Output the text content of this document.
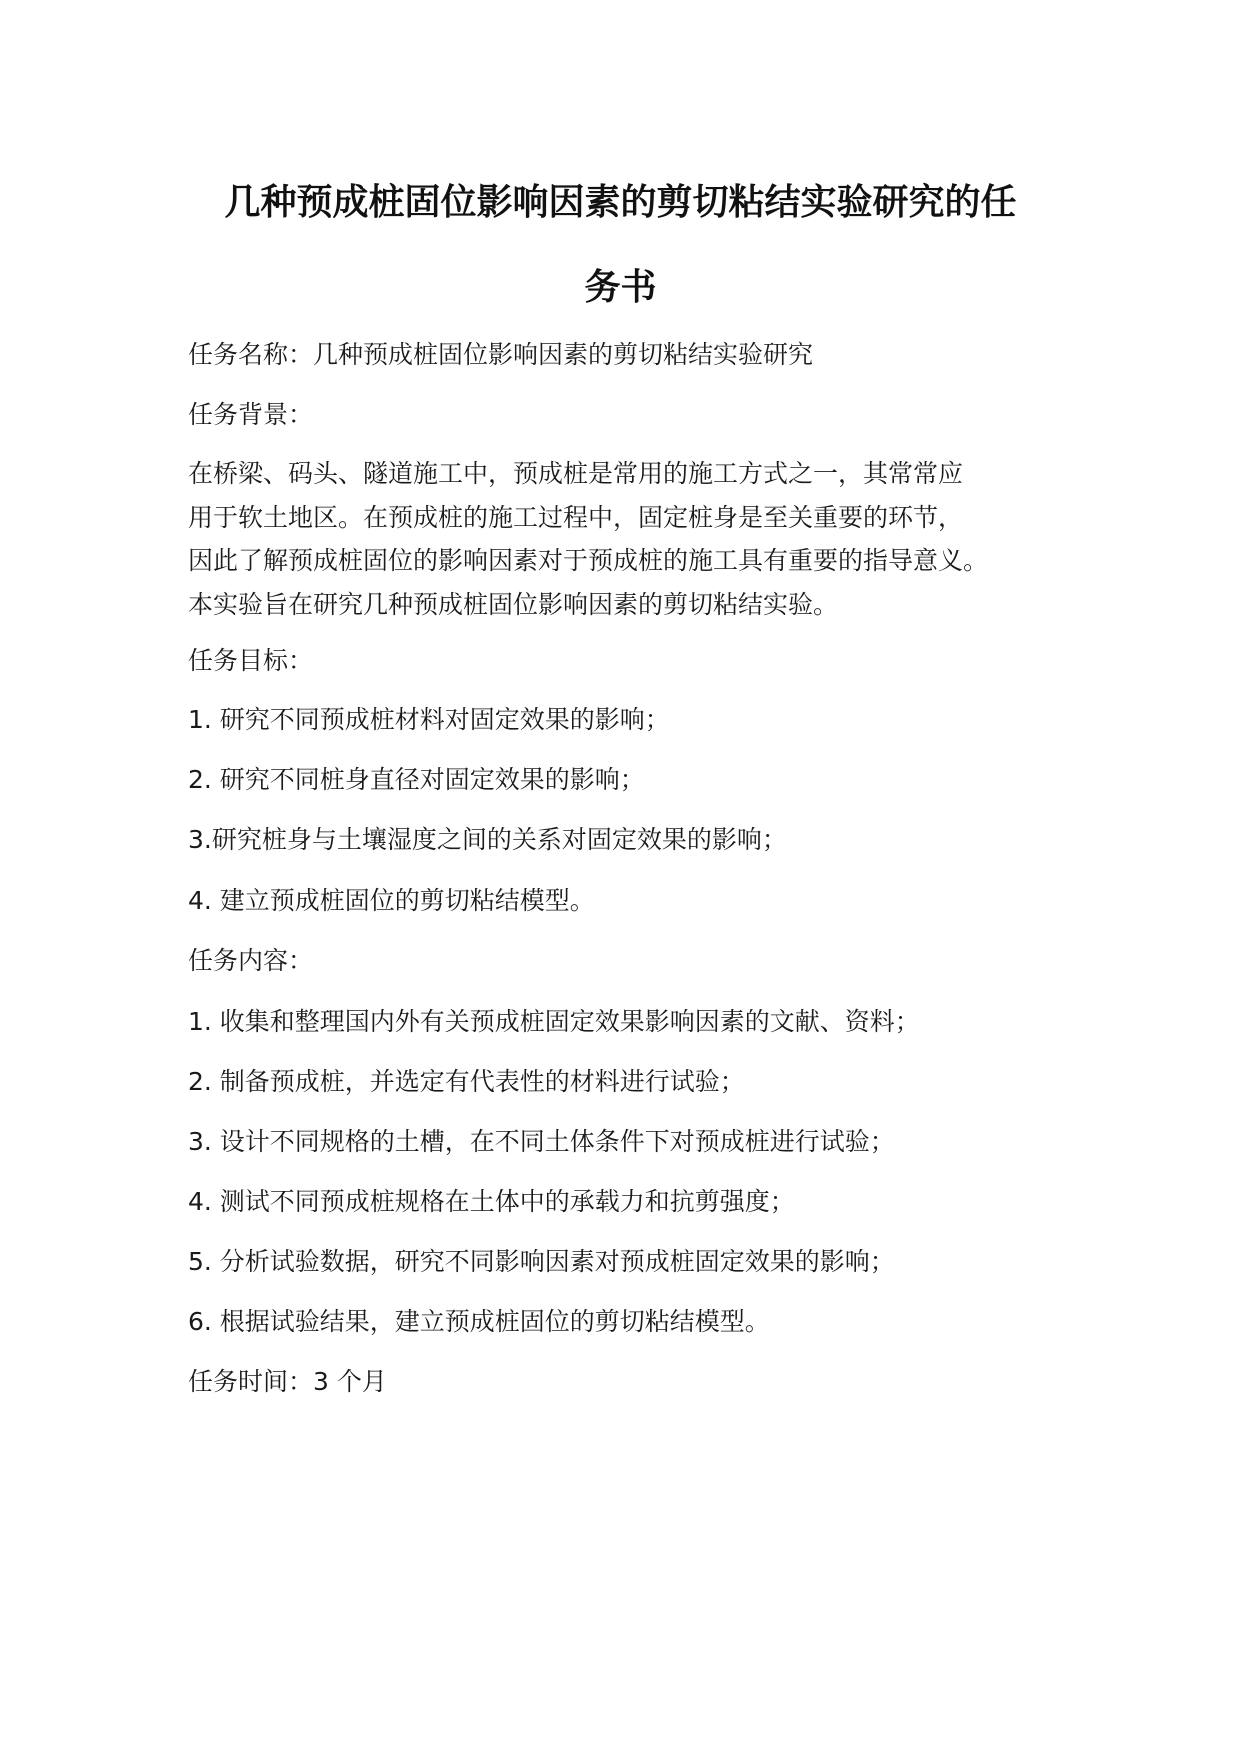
几种预成桩固位影响因素的剪切粘结实验研究的任
务书
任务名称：几种预成桩固位影响因素的剪切粘结实验研究
任务背景：
在桥梁、码头、隧道施工中，预成桩是常用的施工方式之一，其常常应
用于软土地区。在预成桩的施工过程中，固定桩身是至关重要的环节，
因此了解预成桩固位的影响因素对于预成桩的施工具有重要的指导意义。
本实验旨在研究几种预成桩固位影响因素的剪切粘结实验。
任务目标：
1. 研究不同预成桩材料对固定效果的影响；
2. 研究不同桩身直径对固定效果的影响；
3.研究桩身与土壤湿度之间的关系对固定效果的影响；
4. 建立预成桩固位的剪切粘结模型。
任务内容：
1. 收集和整理国内外有关预成桩固定效果影响因素的文献、资料；
2. 制备预成桩，并选定有代表性的材料进行试验；
3. 设计不同规格的土槽，在不同土体条件下对预成桩进行试验；
4. 测试不同预成桩规格在土体中的承载力和抗剪强度；
5. 分析试验数据，研究不同影响因素对预成桩固定效果的影响；
6. 根据试验结果，建立预成桩固位的剪切粘结模型。
任务时间：3 个月
